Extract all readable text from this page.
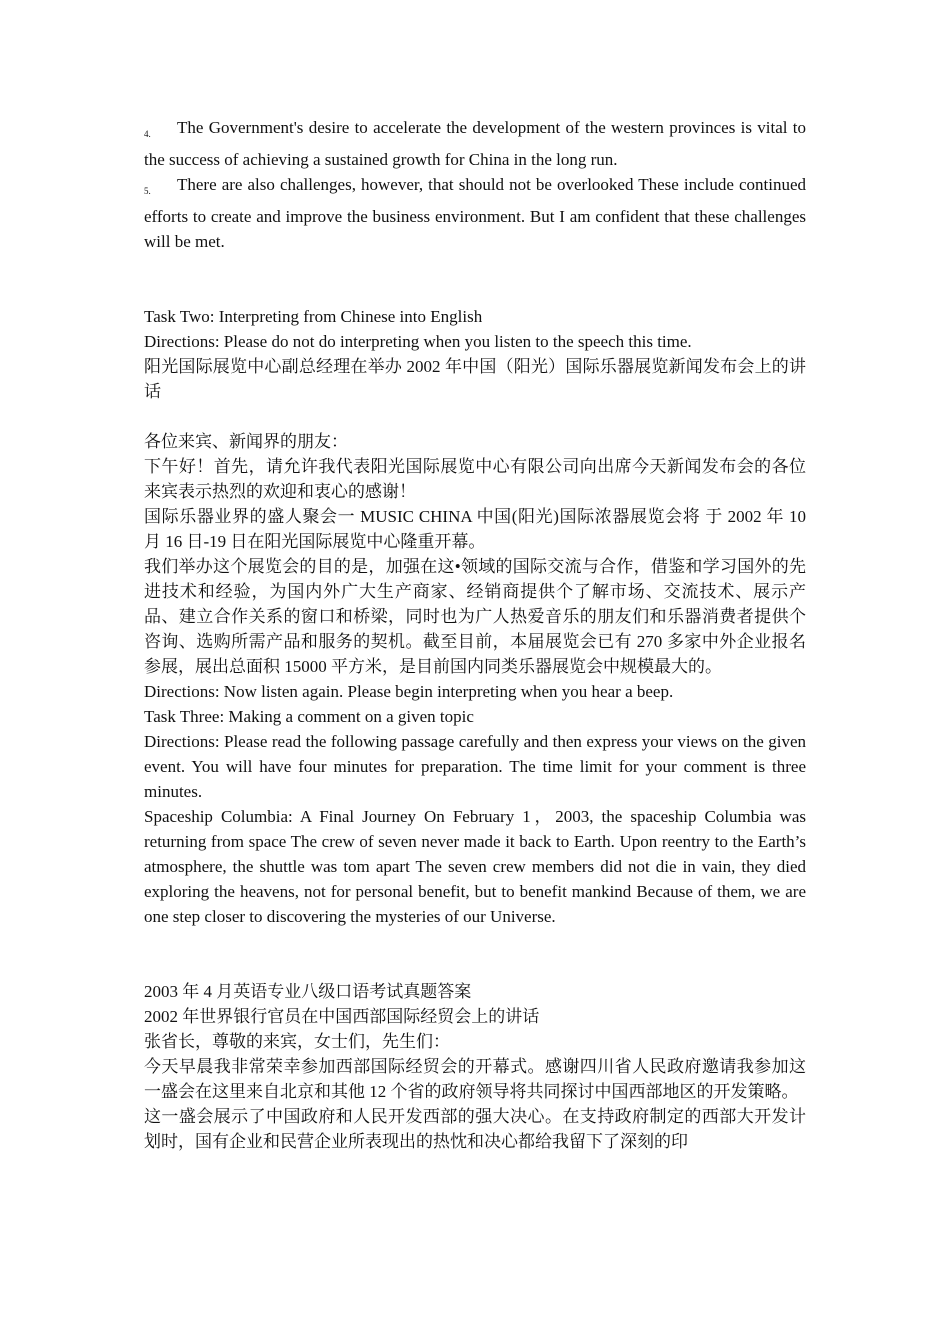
4. The Government's desire to accelerate the development of the western provinces is vital to the success of achieving a sustained growth for China in the long run.

5. There are also challenges, however, that should not be overlooked These include continued efforts to create and improve the business environment. But I am confident that these challenges will be met.

Task Two: Interpreting from Chinese into English

Directions: Please do not do interpreting when you listen to the speech this time.

阳光国际展览中心副总经理在举办 2002 年中国（阳光）国际乐器展览新闻发布会上的讲话

各位来宾、新闻界的朋友：

下午好！首先，请允许我代表阳光国际展览中心有限公司向出席今天新闻发布会的各位来宾表示热烈的欢迎和衷心的感谢！

国际乐器业界的盛人聚会一 MUSIC CHINA 中国(阳光)国际浓器展览会将 于 2002 年 10 月 16 日-19 日在阳光国际展览中心隆重开幕。

我们举办这个展览会的目的是，加强在这•领域的国际交流与合作，借鉴和学习国外的先进技术和经验，为国内外广大生产商家、经销商提供个了解市场、交流技术、展示产品、建立合作关系的窗口和桥梁，同时也为广人热爱音乐的朋友们和乐器消费者提供个咨询、选购所需产品和服务的契机。截至目前，本届展览会已有 270 多家中外企业报名参展，展出总面积 15000 平方米，是目前国内同类乐器展览会中规模最大的。

Directions: Now listen again. Please begin interpreting when you hear a beep.

Task Three: Making a comment on a given topic

Directions: Please read the following passage carefully and then express your views on the given event. You will have four minutes for preparation. The time limit for your comment is three minutes.

Spaceship Columbia: A Final Journey On February 1，2003, the spaceship Columbia was returning from space The crew of seven never made it back to Earth. Upon reentry to the Earth’s atmosphere, the shuttle was tom apart The seven crew members did not die in vain, they died exploring the heavens, not for personal benefit, but to benefit mankind Because of them, we are one step closer to discovering the mysteries of our Universe.

2003 年 4 月英语专业八级口语考试真题答案

2002 年世界银行官员在中国西部国际经贸会上的讲话

张省长，尊敬的来宾，女士们，先生们：

今天早晨我非常荣幸参加西部国际经贸会的开幕式。感谢四川省人民政府邀请我参加这一盛会在这里来自北京和其他 12 个省的政府领导将共同探讨中国西部地区的开发策略。

这一盛会展示了中国政府和人民开发西部的强大决心。在支持政府制定的西部大开发计划时，国有企业和民营企业所表现出的热忱和决心都给我留下了深刻的印
